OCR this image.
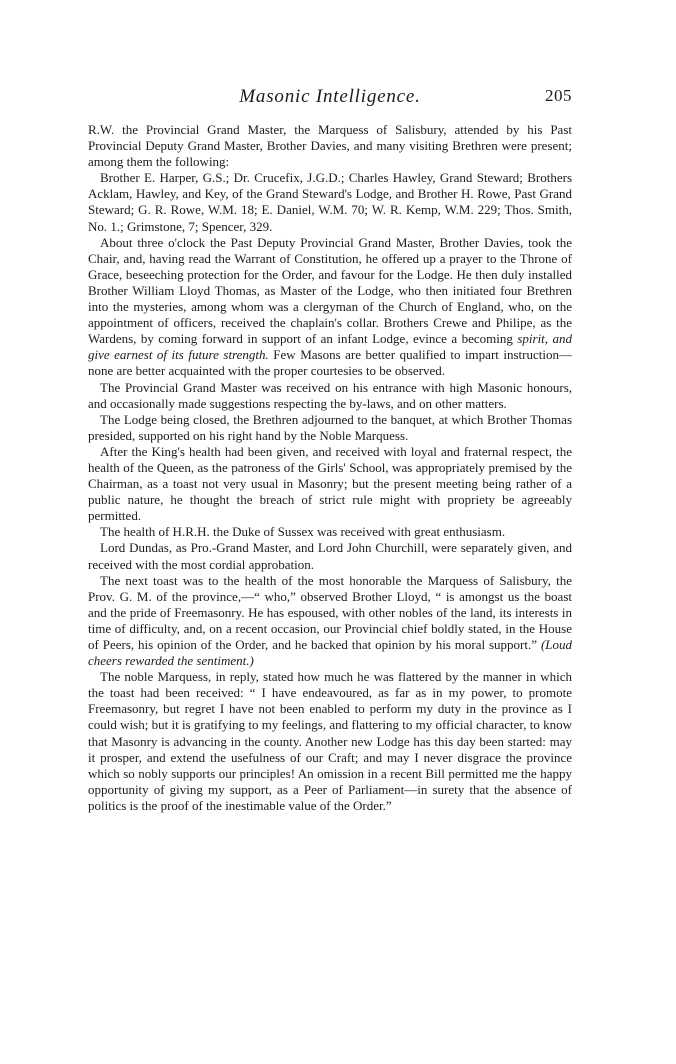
Masonic Intelligence.	205

R.W. the Provincial Grand Master, the Marquess of Salisbury, attended by his Past Provincial Deputy Grand Master, Brother Davies, and many visiting Brethren were present; among them the following:

Brother E. Harper, G.S.; Dr. Crucefix, J.G.D.; Charles Hawley, Grand Steward; Brothers Acklam, Hawley, and Key, of the Grand Steward's Lodge, and Brother H. Rowe, Past Grand Steward; G. R. Rowe, W.M. 18; E. Daniel, W.M. 70; W. R. Kemp, W.M. 229; Thos. Smith, No. 1.; Grimstone, 7; Spencer, 329.

About three o'clock the Past Deputy Provincial Grand Master, Brother Davies, took the Chair, and, having read the Warrant of Constitution, he offered up a prayer to the Throne of Grace, beseeching protection for the Order, and favour for the Lodge. He then duly installed Brother William Lloyd Thomas, as Master of the Lodge, who then initiated four Brethren into the mysteries, among whom was a clergyman of the Church of England, who, on the appointment of officers, received the chaplain's collar. Brothers Crewe and Philipe, as the Wardens, by coming forward in support of an infant Lodge, evince a becoming spirit, and give earnest of its future strength. Few Masons are better qualified to impart instruction—none are better acquainted with the proper courtesies to be observed.

The Provincial Grand Master was received on his entrance with high Masonic honours, and occasionally made suggestions respecting the by-laws, and on other matters.

The Lodge being closed, the Brethren adjourned to the banquet, at which Brother Thomas presided, supported on his right hand by the Noble Marquess.

After the King's health had been given, and received with loyal and fraternal respect, the health of the Queen, as the patroness of the Girls' School, was appropriately premised by the Chairman, as a toast not very usual in Masonry; but the present meeting being rather of a public nature, he thought the breach of strict rule might with propriety be agreeably permitted.

The health of H.R.H. the Duke of Sussex was received with great enthusiasm.

Lord Dundas, as Pro.-Grand Master, and Lord John Churchill, were separately given, and received with the most cordial approbation.

The next toast was to the health of the most honorable the Marquess of Salisbury, the Prov. G. M. of the province,—“ who,” observed Brother Lloyd, “ is amongst us the boast and the pride of Freemasonry. He has espoused, with other nobles of the land, its interests in time of difficulty, and, on a recent occasion, our Provincial chief boldly stated, in the House of Peers, his opinion of the Order, and he backed that opinion by his moral support.” (Loud cheers rewarded the sentiment.)

The noble Marquess, in reply, stated how much he was flattered by the manner in which the toast had been received: “ I have endeavoured, as far as in my power, to promote Freemasonry, but regret I have not been enabled to perform my duty in the province as I could wish; but it is gratifying to my feelings, and flattering to my official character, to know that Masonry is advancing in the county. Another new Lodge has this day been started: may it prosper, and extend the usefulness of our Craft; and may I never disgrace the province which so nobly supports our principles! An omission in a recent Bill permitted me the happy opportunity of giving my support, as a Peer of Parliament—in surety that the absence of politics is the proof of the inestimable value of the Order.”
